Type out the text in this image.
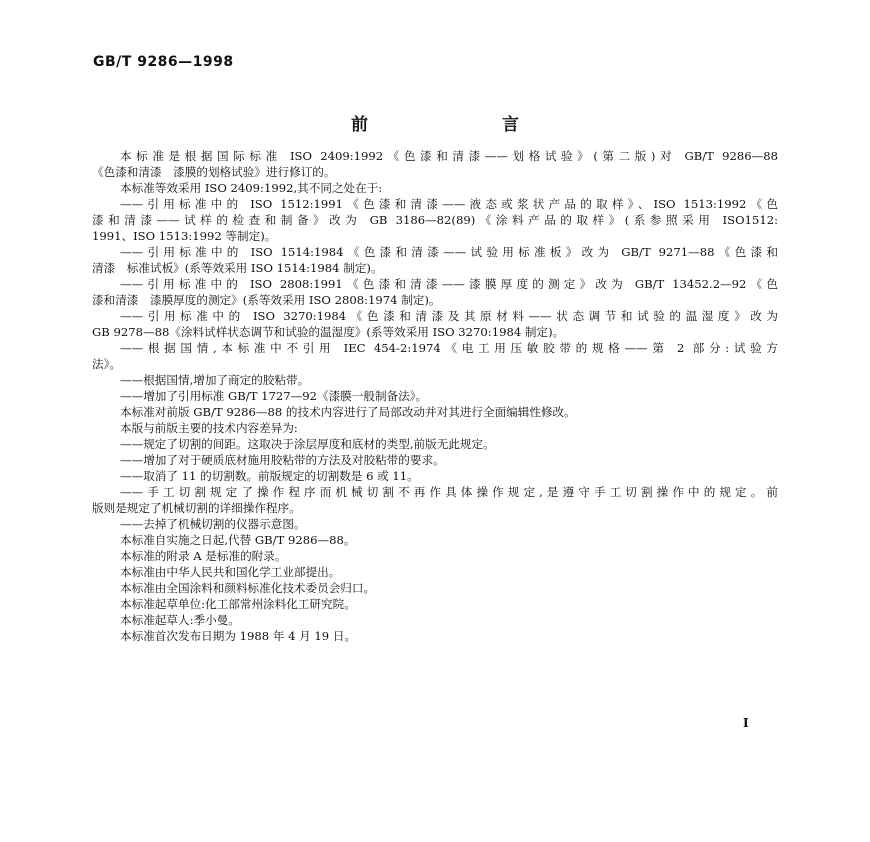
GB/T 9286—1998
前 言
本标准是根据国际标准 ISO 2409:1992《色漆和清漆——划格试验》(第二版)对 GB/T 9286—88
《色漆和清漆　漆膜的划格试验》进行修订的。
本标准等效采用 ISO 2409:1992,其不同之处在于:
——引用标准中的 ISO 1512:1991《色漆和清漆——液态或浆状产品的取样》、ISO 1513:1992《色
漆和清漆——试样的检查和制备》改为 GB 3186—82(89)《涂料产品的取样》(系参照采用 ISO1512:
1991、ISO 1513:1992 等制定)。
——引用标准中的 ISO 1514:1984《色漆和清漆——试验用标准板》改为 GB/T 9271—88《色漆和
清漆　标准试板》(系等效采用 ISO 1514:1984 制定)。
——引用标准中的 ISO 2808:1991《色漆和清漆——漆膜厚度的测定》改为 GB/T 13452.2—92《色
漆和清漆　漆膜厚度的测定》(系等效采用 ISO 2808:1974 制定)。
——引用标准中的 ISO 3270:1984《色漆和清漆及其原材料——状态调节和试验的温湿度》改为
GB 9278—88《涂料试样状态调节和试验的温湿度》(系等效采用 ISO 3270:1984 制定)。
——根据国情,本标准中不引用 IEC 454-2:1974《电工用压敏胶带的规格——第 2 部分:试验方
法》。
——根据国情,增加了商定的胶粘带。
——增加了引用标准 GB/T 1727—92《漆膜一般制备法》。
本标准对前版 GB/T 9286—88 的技术内容进行了局部改动并对其进行全面编辑性修改。
本版与前版主要的技术内容差异为:
——规定了切割的间距。这取决于涂层厚度和底材的类型,前版无此规定。
——增加了对于硬质底材施用胶粘带的方法及对胶粘带的要求。
——取消了 11 的切割数。前版规定的切割数是 6 或 11。
——手工切割规定了操作程序而机械切割不再作具体操作规定,是遵守手工切割操作中的规定。前
版则是规定了机械切割的详细操作程序。
——去掉了机械切割的仪器示意图。
本标准自实施之日起,代替 GB/T 9286—88。
本标准的附录 A 是标准的附录。
本标准由中华人民共和国化学工业部提出。
本标准由全国涂料和颜料标准化技术委员会归口。
本标准起草单位:化工部常州涂料化工研究院。
本标准起草人:季小曼。
本标准首次发布日期为 1988 年 4 月 19 日。
I
